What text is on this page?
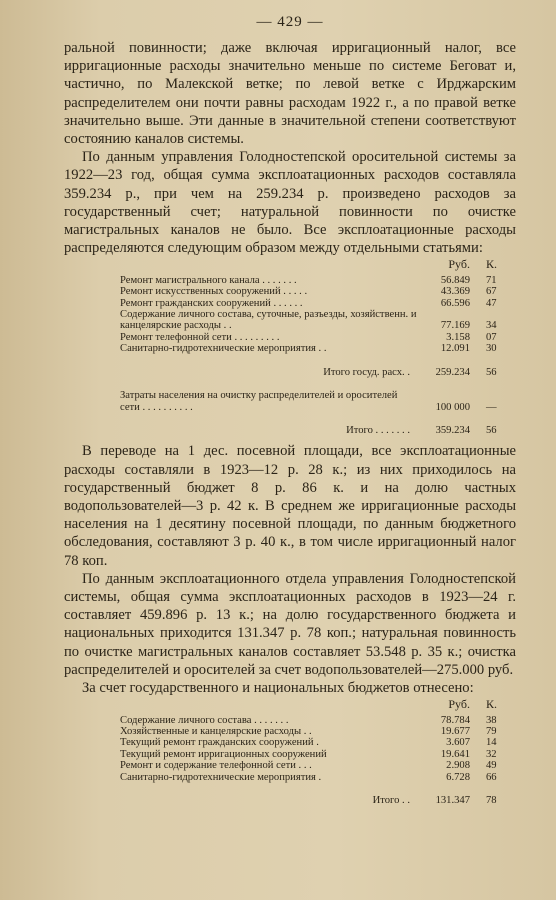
— 429 —

ральной повинности; даже включая ирригационный налог, все ирригационные расходы значительно меньше по системе Беговат и, частично, по Малекской ветке; по левой ветке с Ирджарским распределителем они почти равны расходам 1922 г., а по правой ветке значительно выше. Эти данные в значительной степени соответствуют состоянию каналов системы.

По данным управления Голодностепской оросительной системы за 1922—23 год, общая сумма эксплоатационных расходов составляла 359.234 р., при чем на 259.234 р. произведено расходов за государственный счет; натуральной повинности по очистке магистральных каналов не было. Все эксплоатационные расходы распределяются следующим образом между отдельными статьями:

	Руб.	К.
Ремонт магистрального канала . . . . . . .	56.849	71
Ремонт искусственных сооружений . . . . .	43.369	67
Ремонт гражданских сооружений . . . . . .	66.596	47
Содержание личного состава, суточные, разъезды, хозяйственн. и канцелярские расходы . .	77.169	34
Ремонт телефонной сети . . . . . . . . .	3.158	07
Санитарно-гидротехнические мероприятия . .	12.091	30

Итого госуд. расх. .	259.234	56

Затраты населения на очистку распределителей и оросителей сети . . . . . . . . . .	100 000	—

Итого . . . . . . .	359.234	56

В переводе на 1 дес. посевной площади, все эксплоатационные расходы составляли в 1923—12 р. 28 к.; из них приходилось на государственный бюджет 8 р. 86 к. и на долю частных водопользователей—3 р. 42 к. В среднем же ирригационные расходы населения на 1 десятину посевной площади, по данным бюджетного обследования, составляют 3 р. 40 к., в том числе ирригационный налог 78 коп.

По данным эксплоатационного отдела управления Голодностепской системы, общая сумма эксплоатационных расходов в 1923—24 г. составляет 459.896 р. 13 к.; на долю государственного бюджета и национальных приходится 131.347 р. 78 коп.; натуральная повинность по очистке магистральных каналов составляет 53.548 р. 35 к.; очистка распределителей и оросителей за счет водопользователей—275.000 руб.

За счет государственного и национальных бюджетов отнесено:

	Руб.	К.
Содержание личного состава . . . . . . .	78.784	38
Хозяйственные и канцелярские расходы . .	19.677	79
Текущий ремонт гражданских сооружений .	3.607	14
Текущий ремонт ирригационных сооружений	19.641	32
Ремонт и содержание телефонной сети . . .	2.908	49
Санитарно-гидротехнические мероприятия .	6.728	66

Итого . .	131.347	78
